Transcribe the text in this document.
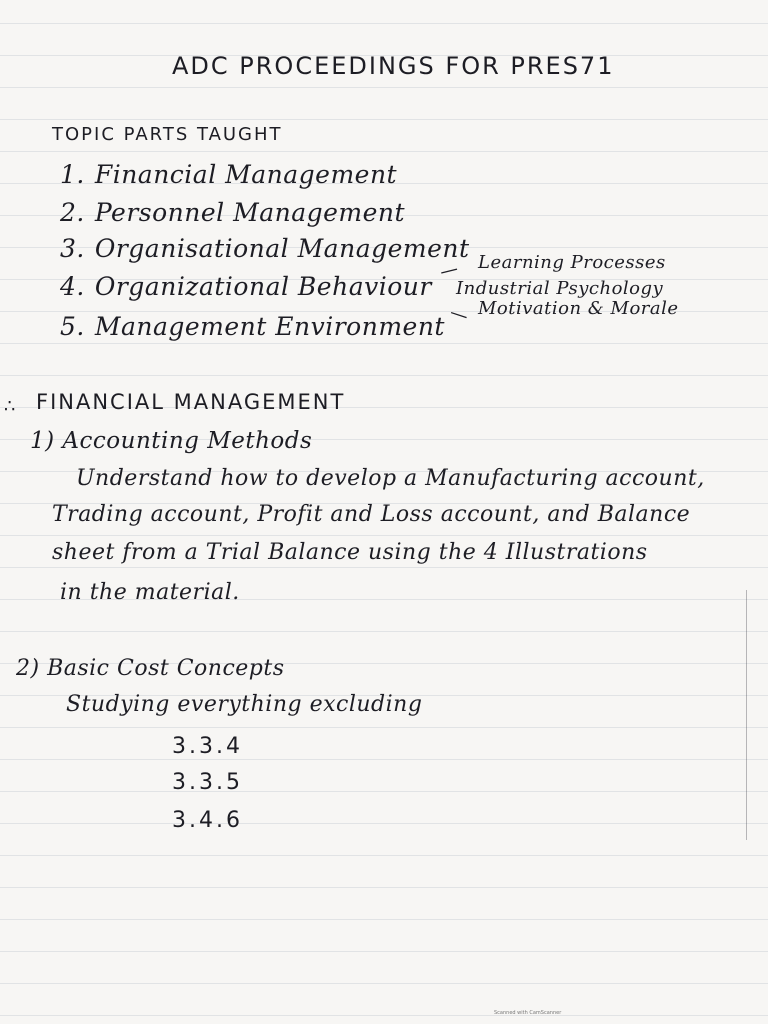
ADC PROCEEDINGS FOR PRES71
TOPIC PARTS TAUGHT
1. Financial Management
2. Personnel Management
3. Organisational Management
4. Organizational Behaviour
5. Management Environment
—
—
Learning Processes
Industrial Psychology
Motivation & Morale
∴ FINANCIAL MANAGEMENT
1) Accounting Methods
Understand how to develop a Manufacturing account,
Trading account, Profit and Loss account, and Balance
sheet from a Trial Balance using the 4 Illustrations
in the material.
2) Basic Cost Concepts
Studying everything excluding
3.3.4
3.3.5
3.4.6
Scanned with CamScanner
